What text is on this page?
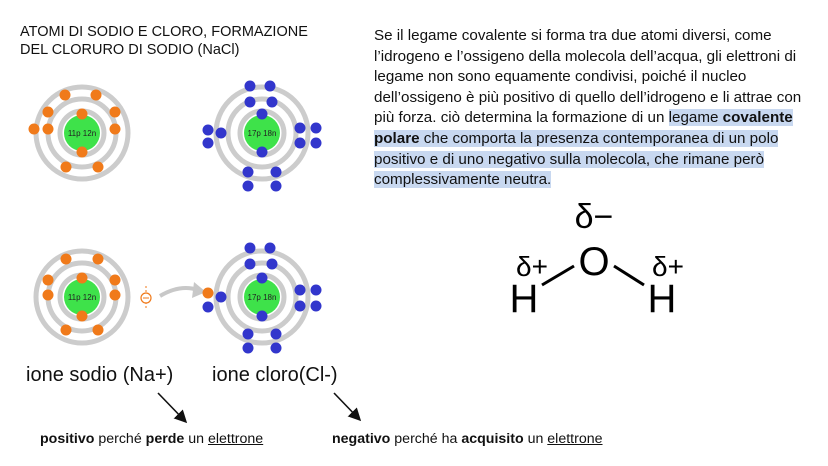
ATOMI DI SODIO E CLORO, FORMAZIONE
DEL CLORURO DI SODIO (NaCl)
Se il legame covalente si forma tra due atomi diversi, come l’idrogeno e l’ossigeno della molecola dell’acqua, gli elettroni di legame non sono equamente condivisi, poiché il nucleo dell’ossigeno è più positivo di quello dell’idrogeno e li attrae con più forza. ciò determina la formazione di un legame covalente polare che comporta la presenza contemporanea di un polo positivo e di uno negativo sulla molecola, che rimane però complessivamente neutra.
11p 12n	17p 18n
11p 12n	17p 18n
δ−
O
δ+	δ+
H	H
ione sodio (Na+) ione cloro(Cl-)
positivo perché perde un elettrone	negativo perché ha acquisito un elettrone
